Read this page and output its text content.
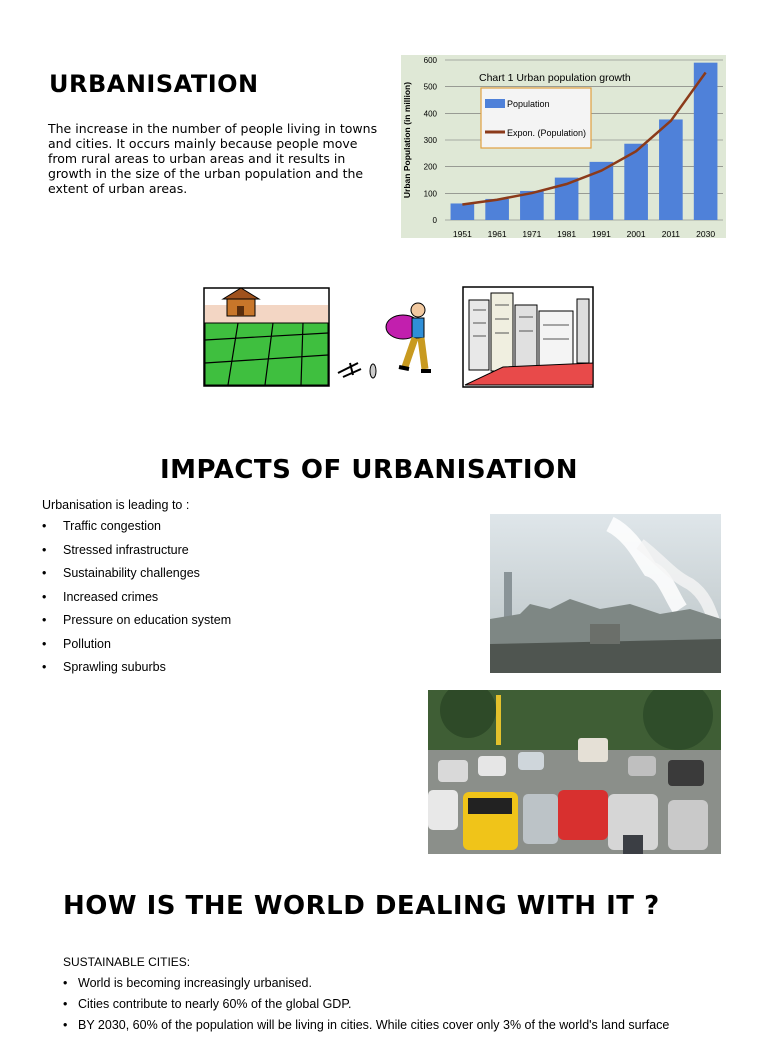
URBANISATION
The increase in the number of people living in towns and cities. It occurs mainly because people move from rural areas to urban areas and it results in growth in the size of the urban population and the extent of urban areas.
0
100
200
300
400
500
600
Urban Population (in million)
1951 1961 1971 1981 1991 2001 2011 2030
Chart 1 Urban population growth
Population
Expon. (Population)
IMPACTS OF URBANISATION
Urbanisation is leading to :
• Traffic congestion
• Stressed infrastructure
• Sustainability challenges
• Increased crimes
• Pressure on education system
• Pollution
• Sprawling suburbs
HOW IS THE WORLD DEALING WITH IT ?
SUSTAINABLE CITIES:
• World is becoming increasingly urbanised.
• Cities contribute to nearly 60% of the global GDP.
• BY 2030, 60% of the population will be living in cities. While cities cover only 3% of the world's land surface
